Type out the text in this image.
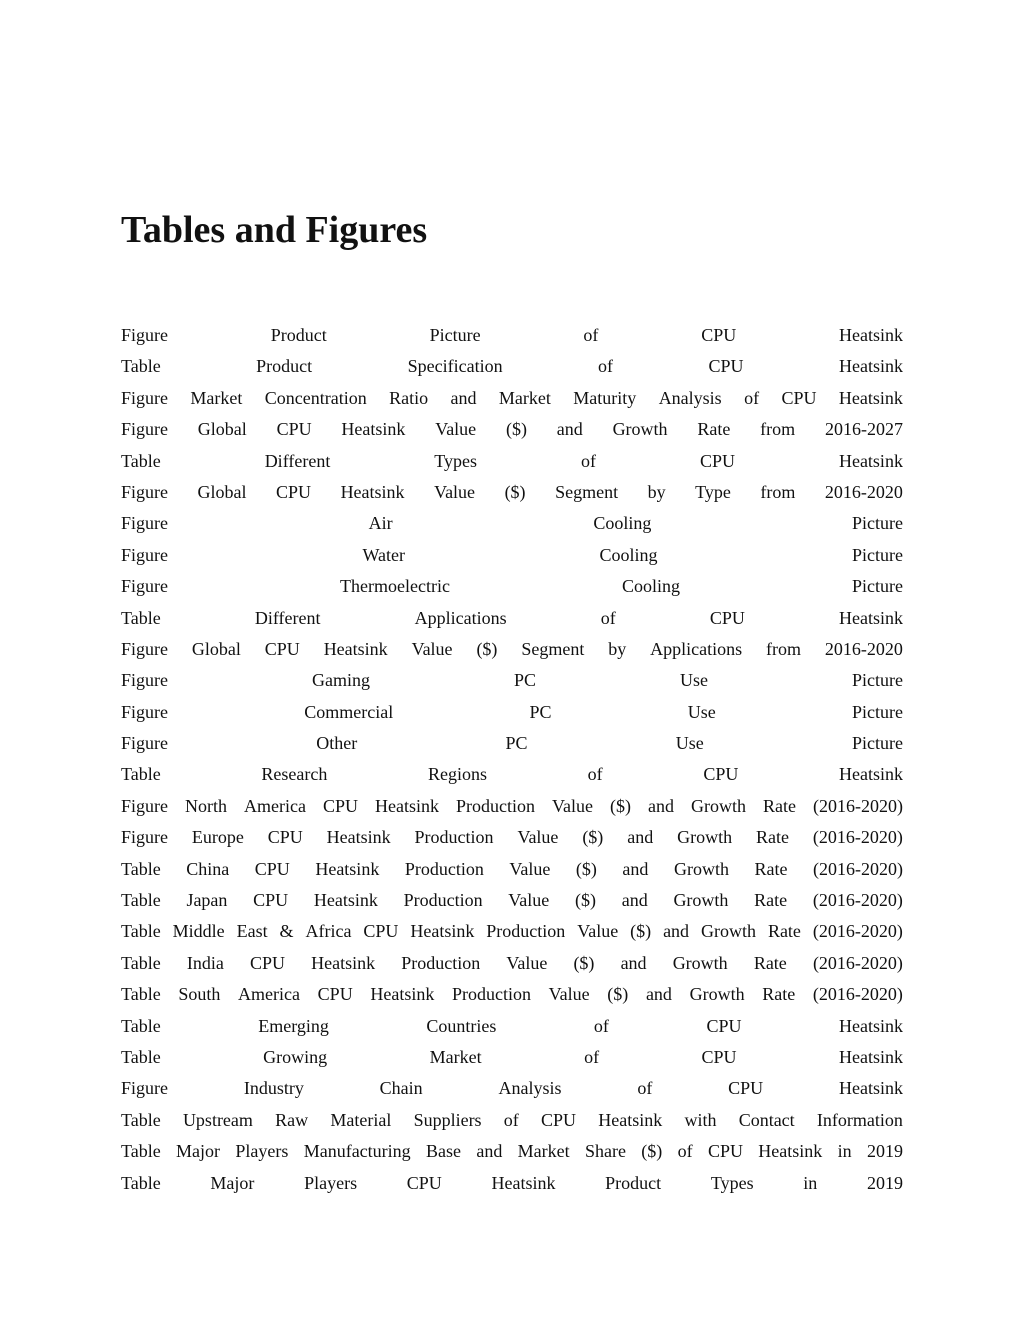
Tables and Figures
Figure	Product	Picture	of	CPU	Heatsink
Table	Product	Specification	of	CPU	Heatsink
Figure Market Concentration Ratio and Market Maturity Analysis of CPU Heatsink
Figure Global CPU Heatsink Value ($) and Growth Rate from 2016-2027
Table	Different	Types	of	CPU	Heatsink
Figure Global CPU Heatsink Value ($) Segment by Type from 2016-2020
Figure	Air	Cooling	Picture
Figure	Water	Cooling	Picture
Figure	Thermoelectric	Cooling	Picture
Table	Different	Applications	of	CPU	Heatsink
Figure Global CPU Heatsink Value ($) Segment by Applications from 2016-2020
Figure	Gaming	PC	Use	Picture
Figure	Commercial	PC	Use	Picture
Figure	Other	PC	Use	Picture
Table	Research	Regions	of	CPU	Heatsink
Figure North America CPU Heatsink Production Value ($) and Growth Rate (2016-2020)
Figure Europe CPU Heatsink Production Value ($) and Growth Rate (2016-2020)
Table China CPU Heatsink Production Value ($) and Growth Rate (2016-2020)
Table Japan CPU Heatsink Production Value ($) and Growth Rate (2016-2020)
Table Middle East & Africa CPU Heatsink Production Value ($) and Growth Rate (2016-2020)
Table India CPU Heatsink Production Value ($) and Growth Rate (2016-2020)
Table South America CPU Heatsink Production Value ($) and Growth Rate (2016-2020)
Table	Emerging	Countries	of	CPU	Heatsink
Table	Growing	Market	of	CPU	Heatsink
Figure	Industry	Chain	Analysis	of	CPU	Heatsink
Table Upstream Raw Material Suppliers of CPU Heatsink with Contact Information
Table Major Players Manufacturing Base and Market Share ($) of CPU Heatsink in 2019
Table	Major	Players	CPU	Heatsink	Product	Types	in	2019
